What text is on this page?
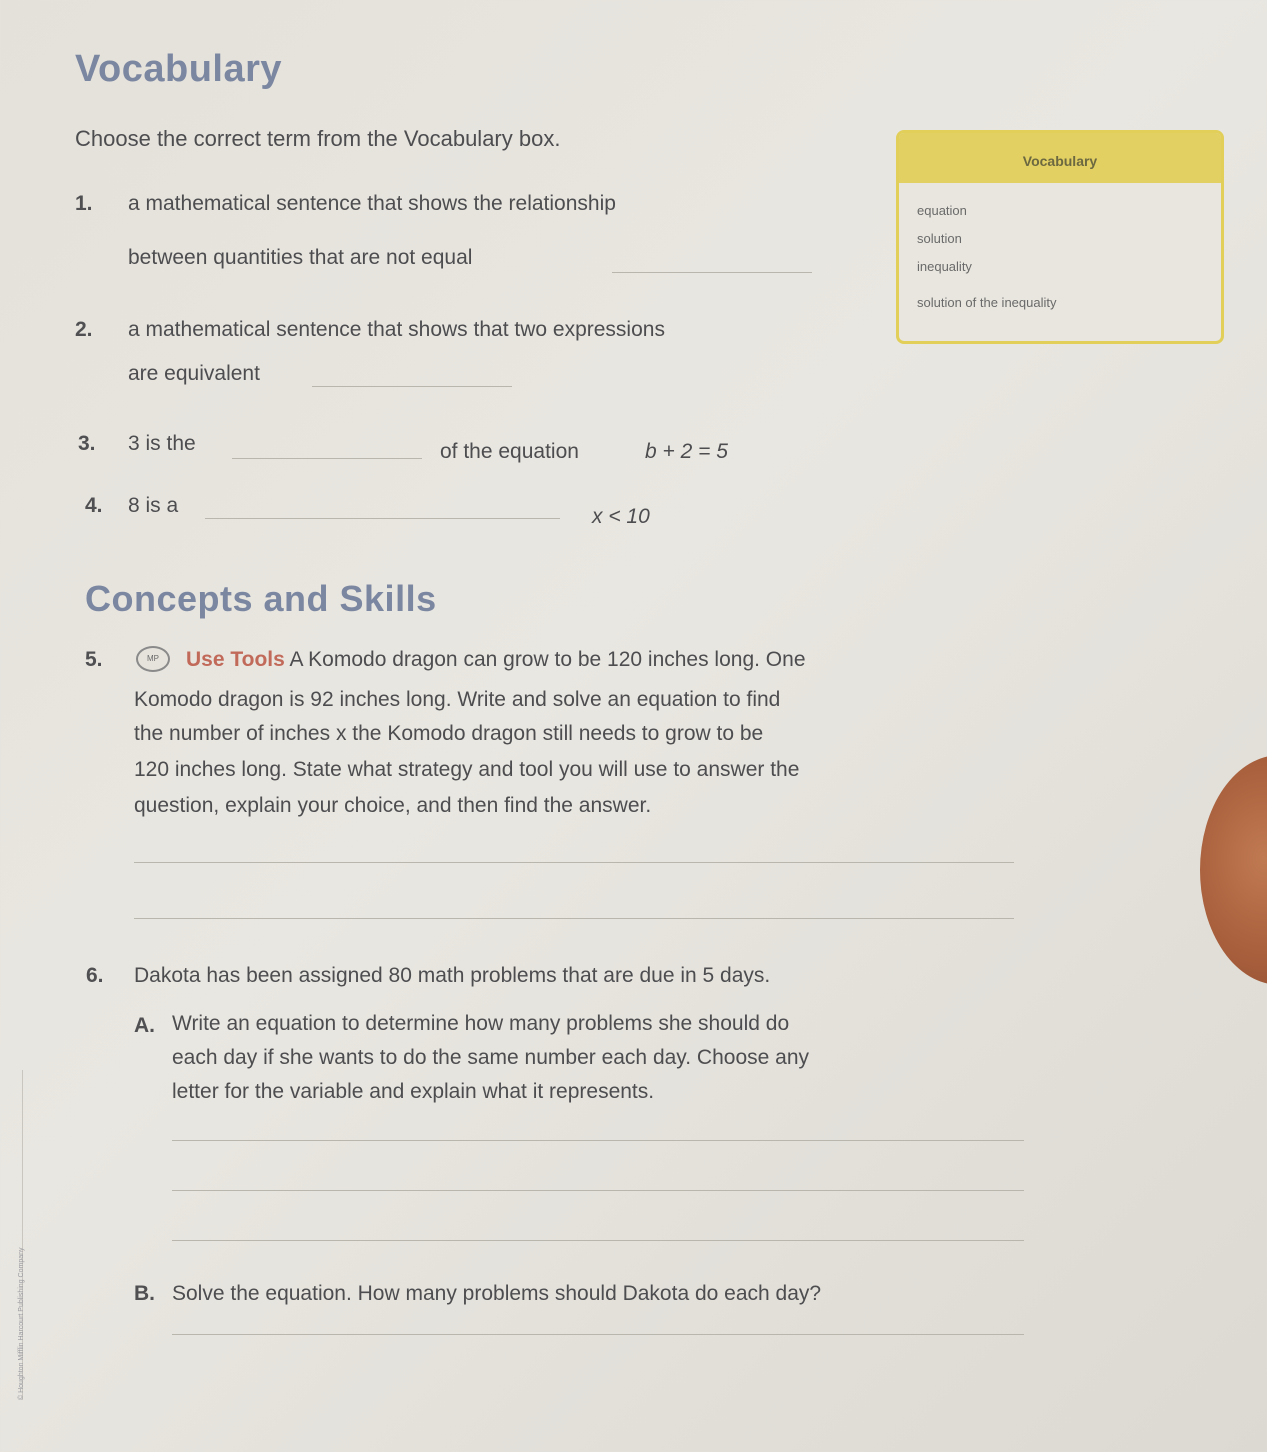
Vocabulary
Choose the correct term from the Vocabulary box.
Vocabulary
equation
solution
inequality
solution of the inequality
1. a mathematical sentence that shows the relationship
between quantities that are not equal
2. a mathematical sentence that shows that two expressions
are equivalent
3. 3 is the	of the equation	b + 2 = 5
4. 8 is a	x < 10
Concepts and Skills
5.	MP	Use Tools A Komodo dragon can grow to be 120 inches long. One
Komodo dragon is 92 inches long. Write and solve an equation to find
the number of inches x the Komodo dragon still needs to grow to be
120 inches long. State what strategy and tool you will use to answer the
question, explain your choice, and then find the answer.
6. Dakota has been assigned 80 math problems that are due in 5 days.
A. Write an equation to determine how many problems she should do
each day if she wants to do the same number each day. Choose any
letter for the variable and explain what it represents.
B. Solve the equation. How many problems should Dakota do each day?
© Houghton Mifflin Harcourt Publishing Company
